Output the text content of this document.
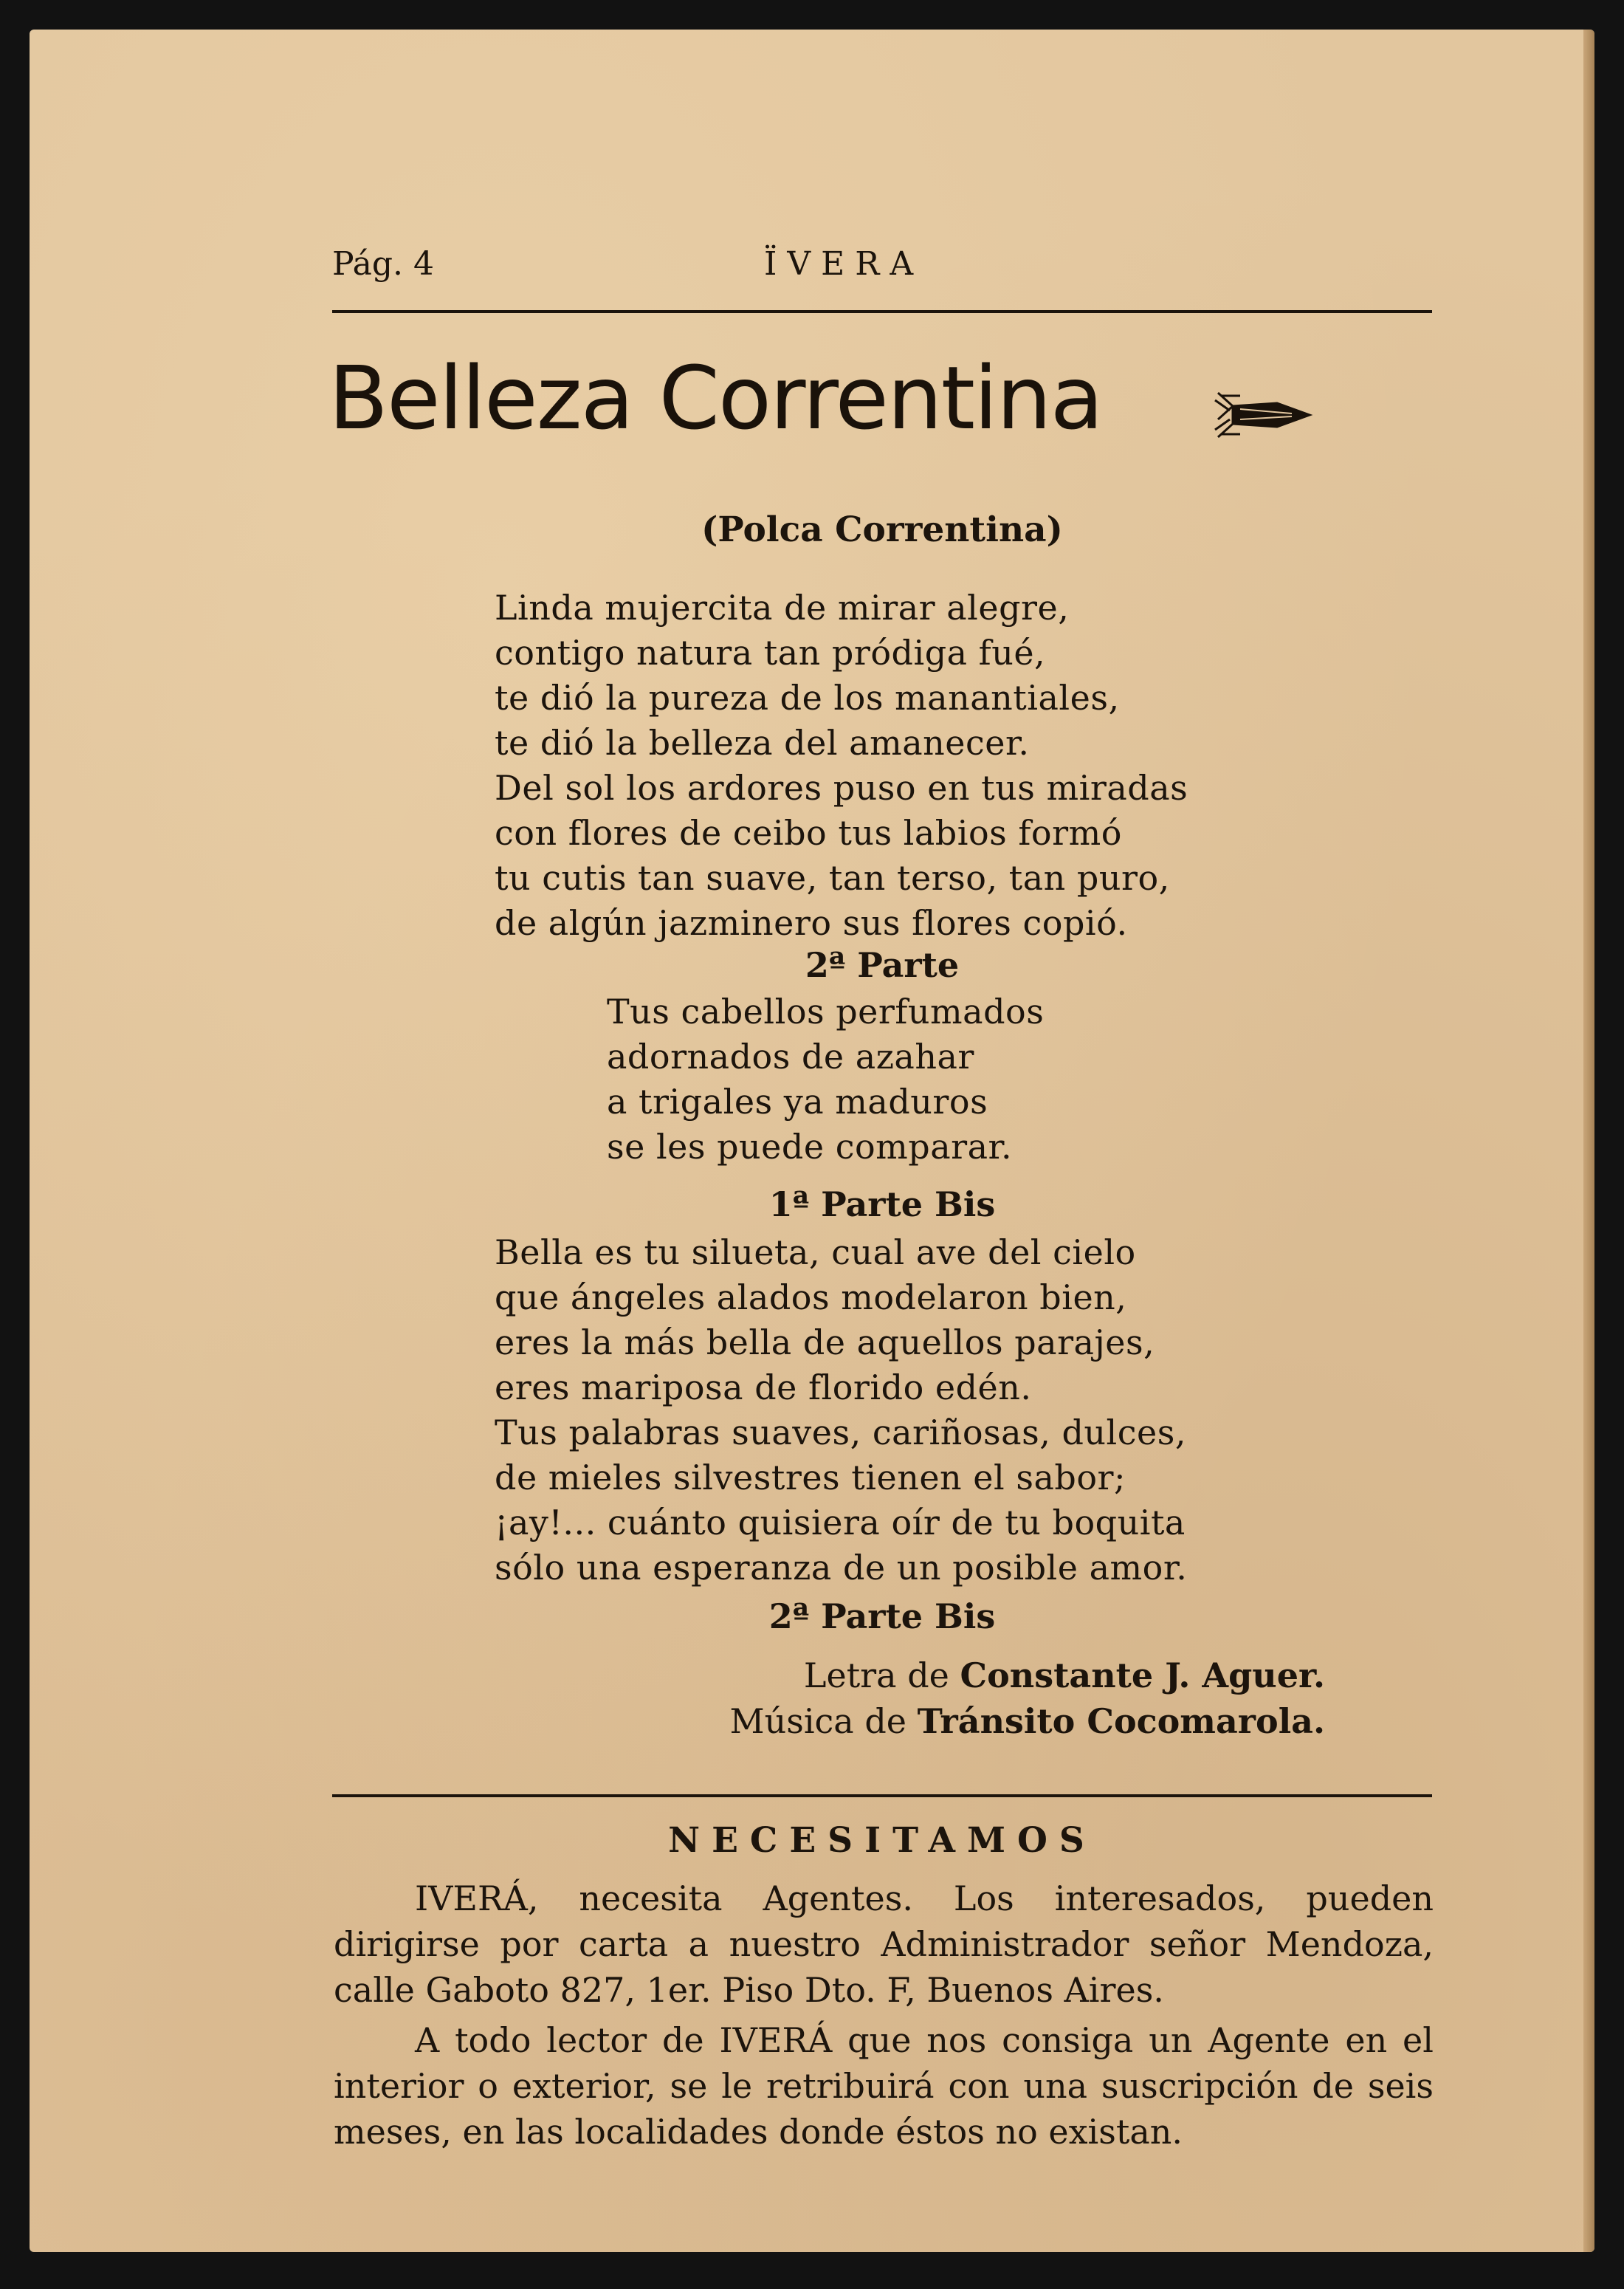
Pág. 4	ÏVERA
Belleza Correntina
(Polca Correntina)
Linda mujercita de mirar alegre,
contigo natura tan pródiga fué,
te dió la pureza de los manantiales,
te dió la belleza del amanecer.
Del sol los ardores puso en tus miradas
con flores de ceibo tus labios formó
tu cutis tan suave, tan terso, tan puro,
de algún jazminero sus flores copió.
2ª Parte
Tus cabellos perfumados
adornados de azahar
a trigales ya maduros
se les puede comparar.
1ª Parte Bis
Bella es tu silueta, cual ave del cielo
que ángeles alados modelaron bien,
eres la más bella de aquellos parajes,
eres mariposa de florido edén.
Tus palabras suaves, cariñosas, dulces,
de mieles silvestres tienen el sabor;
¡ay!... cuánto quisiera oír de tu boquita
sólo una esperanza de un posible amor.
2ª Parte Bis
Letra de Constante J. Aguer.
Música de Tránsito Cocomarola.
NECESITAMOS

IVERÁ, necesita Agentes. Los interesados, pueden dirigirse por carta a nuestro Administrador señor Mendoza, calle Gaboto 827, 1er. Piso Dto. F, Buenos Aires.

A todo lector de IVERÁ que nos consiga un Agente en el interior o exterior, se le retribuirá con una suscripción de seis meses, en las localidades donde éstos no existan.
